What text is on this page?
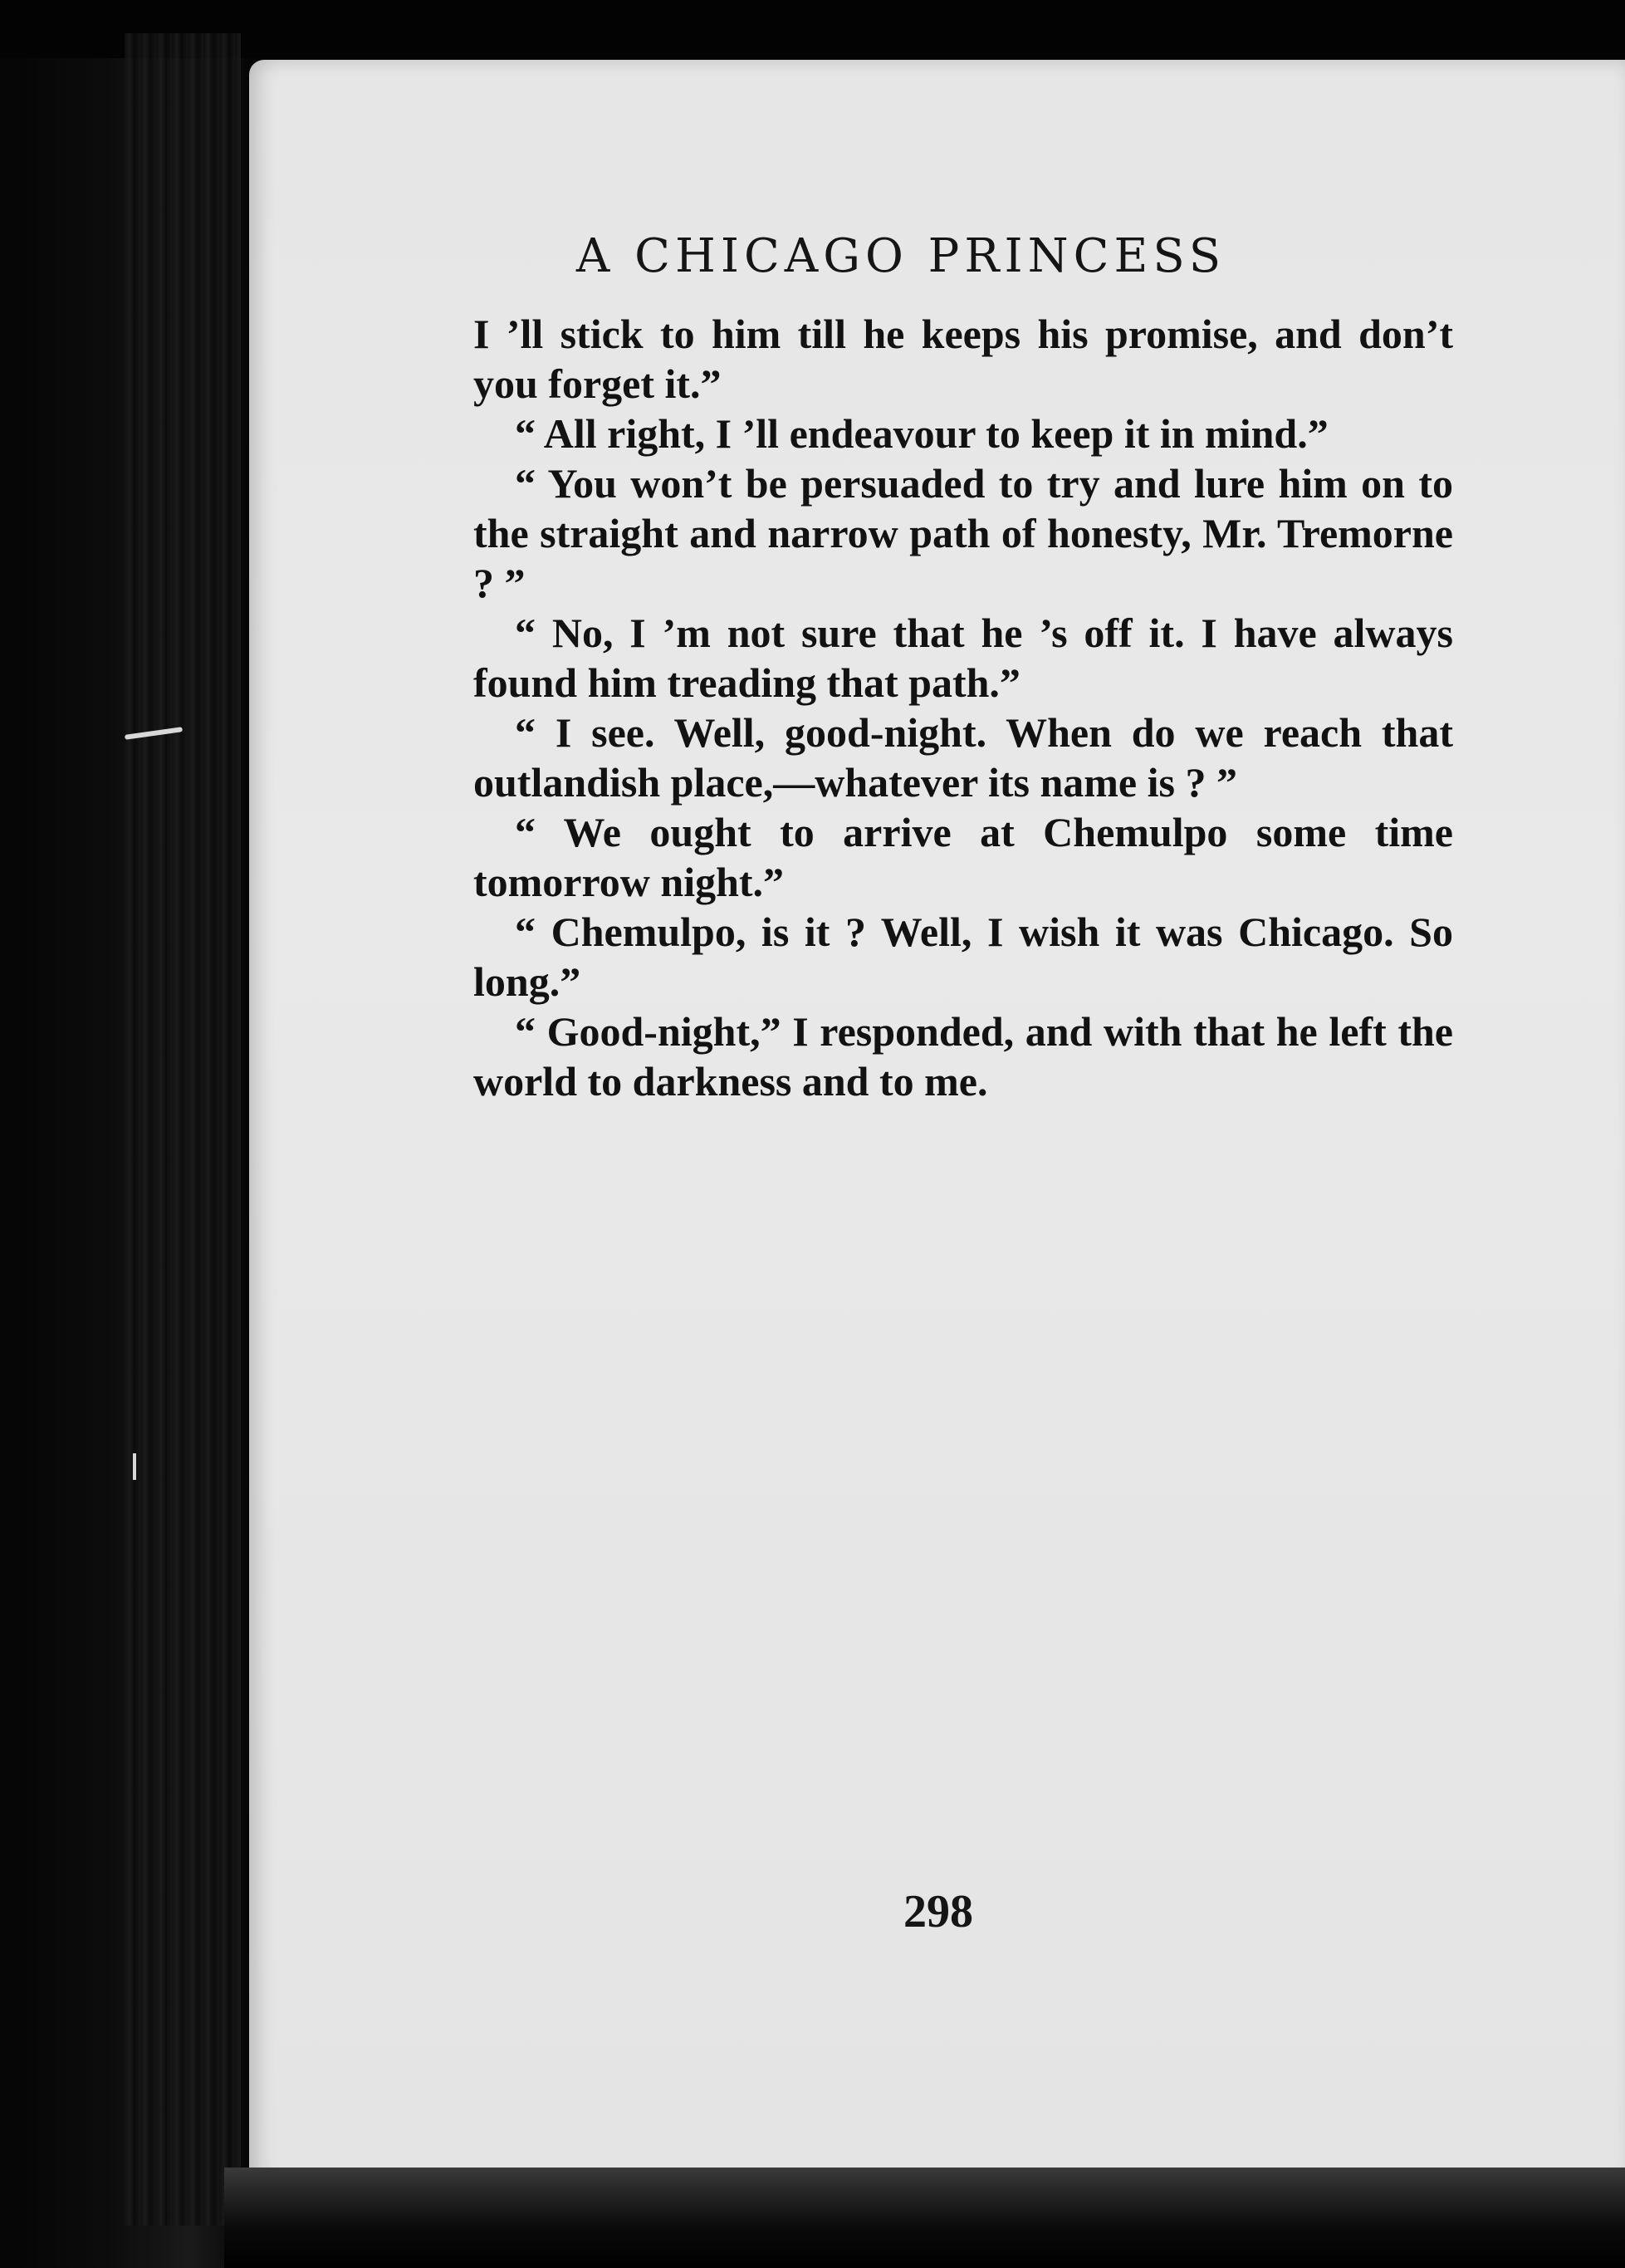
A CHICAGO PRINCESS

I ’ll stick to him till he keeps his promise, and don’t you forget it.”

“ All right, I ’ll endeavour to keep it in mind.”

“ You won’t be persuaded to try and lure him on to the straight and narrow path of honesty, Mr. Tremorne ? ”

“ No, I ’m not sure that he ’s off it. I have always found him treading that path.”

“ I see. Well, good-night. When do we reach that outlandish place,—whatever its name is ? ”

“ We ought to arrive at Chemulpo some time tomorrow night.”

“ Chemulpo, is it ? Well, I wish it was Chicago. So long.”

“ Good-night,” I responded, and with that he left the world to darkness and to me.

298
